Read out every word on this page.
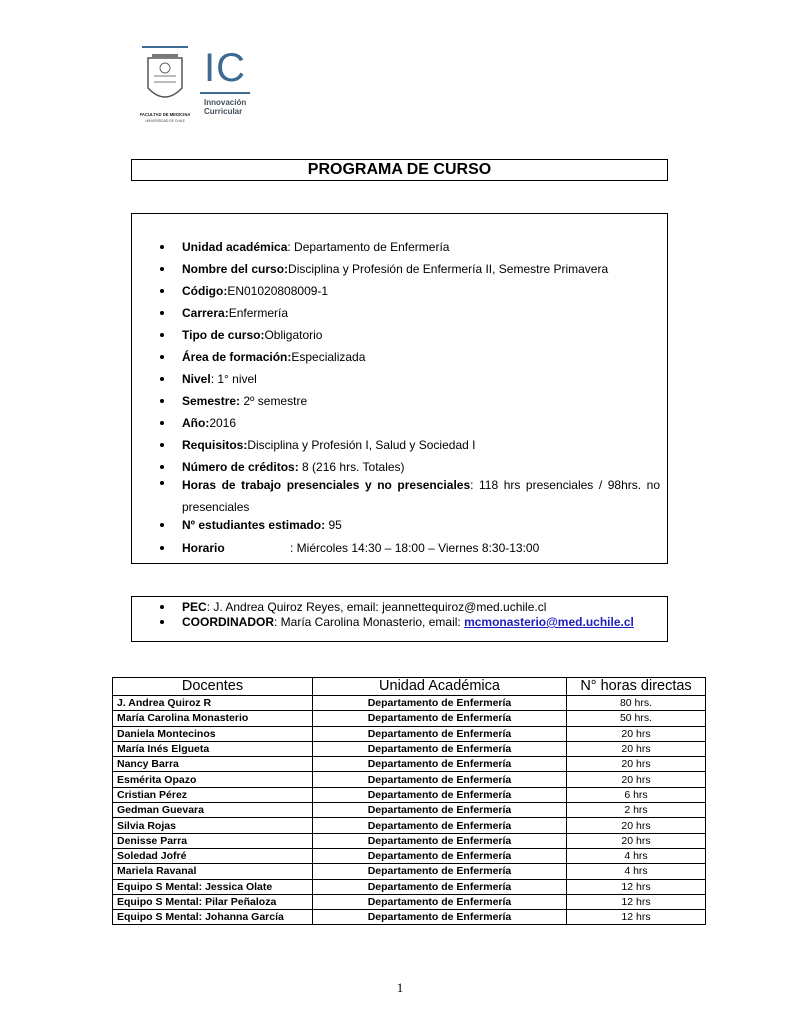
FACULTAD DE MEDICINA
UNIVERSIDAD DE CHILE
IC
Innovación
Curricular
PROGRAMA DE CURSO
Unidad académica: Departamento de Enfermería
Nombre del curso:Disciplina y Profesión de Enfermería II, Semestre Primavera
Código:EN01020808009-1
Carrera:Enfermería
Tipo de curso:Obligatorio
Área de formación:Especializada
Nivel: 1° nivel
Semestre: 2º semestre
Año:2016
Requisitos:Disciplina y Profesión I, Salud y Sociedad I
Número de créditos: 8 (216 hrs. Totales)
Horas de trabajo presenciales y no presenciales: 118 hrs presenciales / 98hrs. no presenciales
Nº estudiantes estimado: 95
Horario	: Miércoles 14:30 – 18:00 – Viernes 8:30-13:00
PEC: J. Andrea Quiroz Reyes, email: jeannettequiroz@med.uchile.cl
COORDINADOR: María Carolina Monasterio, email: mcmonasterio@med.uchile.cl
Docentes	Unidad Académica	N° horas directas
J. Andrea Quiroz R	Departamento de Enfermería	80 hrs.
María Carolina Monasterio	Departamento de Enfermería	50 hrs.
Daniela Montecinos	Departamento de Enfermería	20 hrs
María Inés Elgueta	Departamento de Enfermería	20 hrs
Nancy Barra	Departamento de Enfermería	20 hrs
Esmérita Opazo	Departamento de Enfermería	20 hrs
Cristian Pérez	Departamento de Enfermería	6 hrs
Gedman Guevara	Departamento de Enfermería	2 hrs
Silvia Rojas	Departamento de Enfermería	20 hrs
Denisse Parra	Departamento de Enfermería	20 hrs
Soledad Jofré	Departamento de Enfermería	4 hrs
Mariela Ravanal	Departamento de Enfermería	4 hrs
Equipo S Mental: Jessica Olate	Departamento de Enfermería	12 hrs
Equipo S Mental: Pilar Peñaloza	Departamento de Enfermería	12 hrs
Equipo S Mental: Johanna García	Departamento de Enfermería	12 hrs
1
